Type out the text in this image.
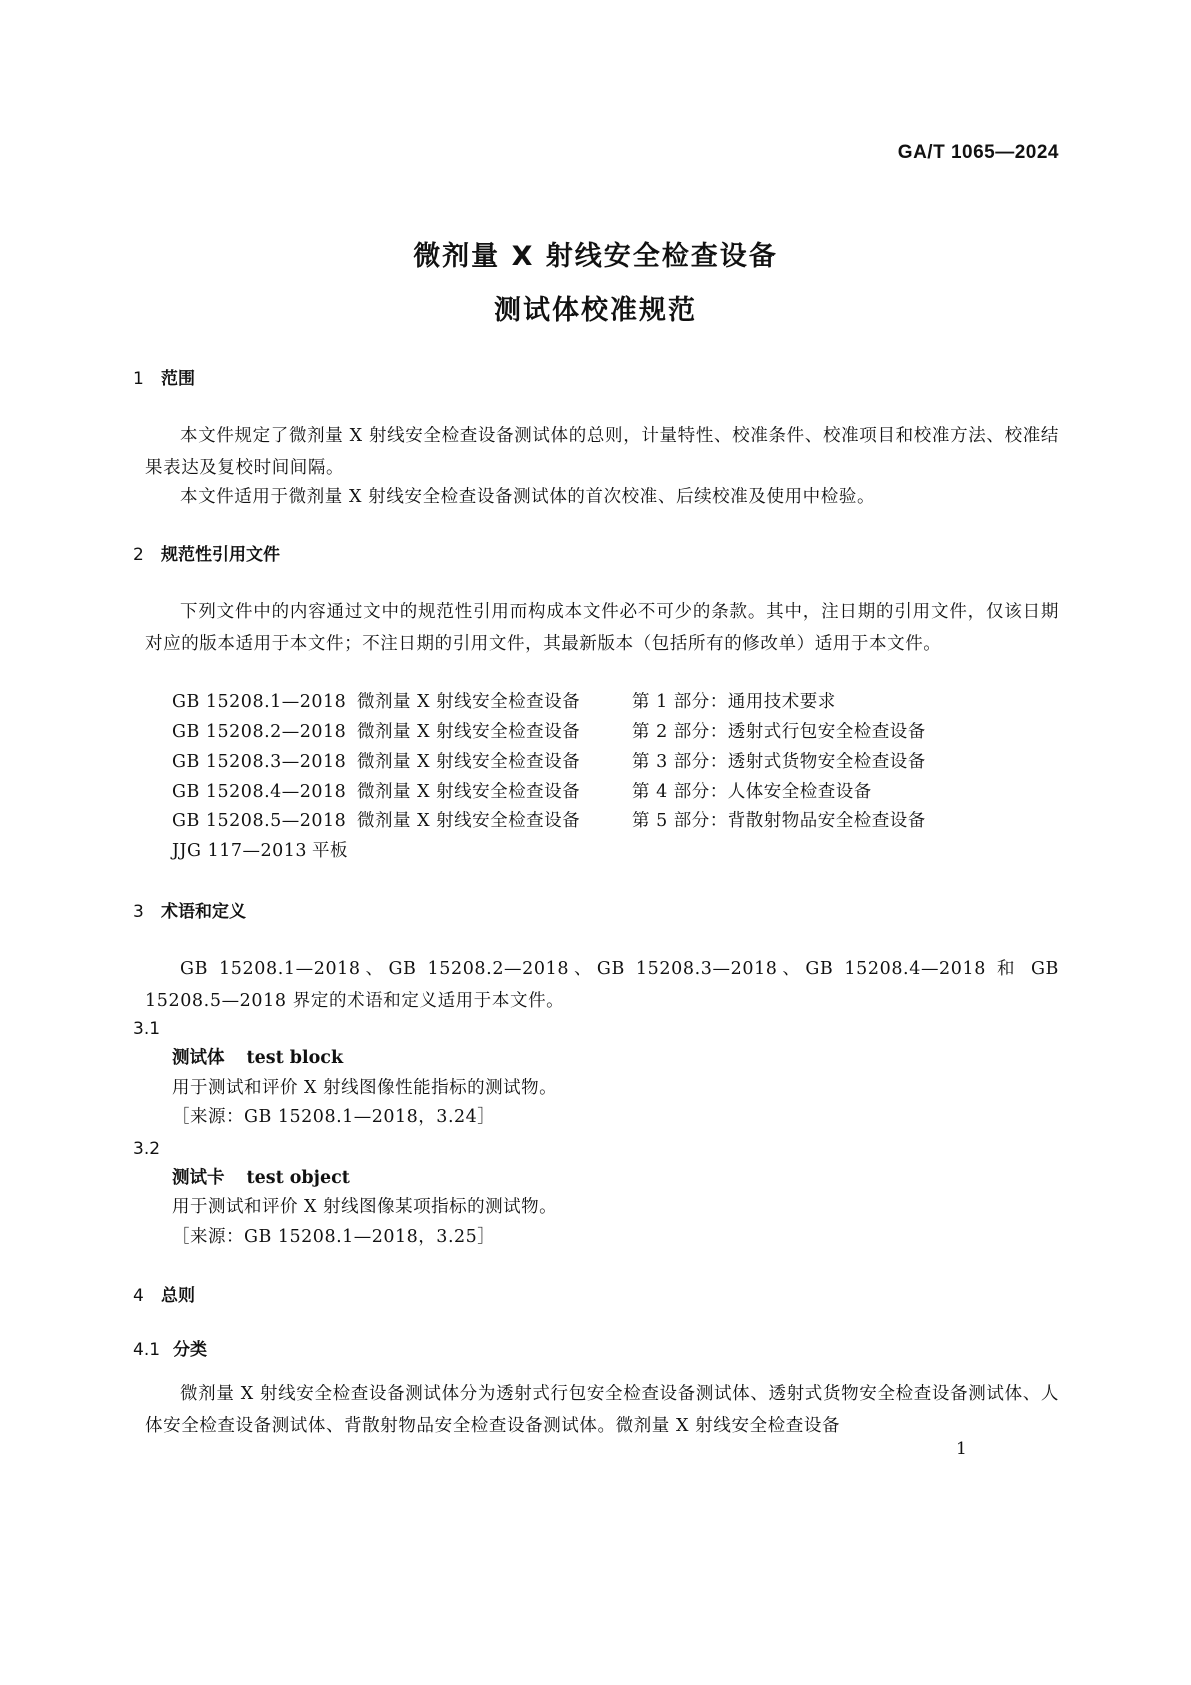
GA/T 1065—2024
微剂量 X 射线安全检查设备
测试体校准规范
1 范围
本文件规定了微剂量 X 射线安全检查设备测试体的总则，计量特性、校准条件、校准项目和校准方法、校准结果表达及复校时间间隔。
本文件适用于微剂量 X 射线安全检查设备测试体的首次校准、后续校准及使用中检验。
2 规范性引用文件
下列文件中的内容通过文中的规范性引用而构成本文件必不可少的条款。其中，注日期的引用文件，仅该日期对应的版本适用于本文件；不注日期的引用文件，其最新版本（包括所有的修改单）适用于本文件。
GB 15208.1—2018 微剂量 X 射线安全检查设备	第 1 部分：通用技术要求
GB 15208.2—2018 微剂量 X 射线安全检查设备	第 2 部分：透射式行包安全检查设备
GB 15208.3—2018 微剂量 X 射线安全检查设备	第 3 部分：透射式货物安全检查设备
GB 15208.4—2018 微剂量 X 射线安全检查设备	第 4 部分：人体安全检查设备
GB 15208.5—2018 微剂量 X 射线安全检查设备	第 5 部分：背散射物品安全检查设备
JJG 117—2013 平板
3 术语和定义
GB 15208.1—2018、GB 15208.2—2018、GB 15208.3—2018、GB 15208.4—2018 和 GB 15208.5—2018 界定的术语和定义适用于本文件。
3.1
测试体 test block
用于测试和评价 X 射线图像性能指标的测试物。
［来源：GB 15208.1—2018，3.24］
3.2
测试卡 test object
用于测试和评价 X 射线图像某项指标的测试物。
［来源：GB 15208.1—2018，3.25］
4 总则
4.1 分类
微剂量 X 射线安全检查设备测试体分为透射式行包安全检查设备测试体、透射式货物安全检查设备测试体、人体安全检查设备测试体、背散射物品安全检查设备测试体。微剂量 X 射线安全检查设备
1
